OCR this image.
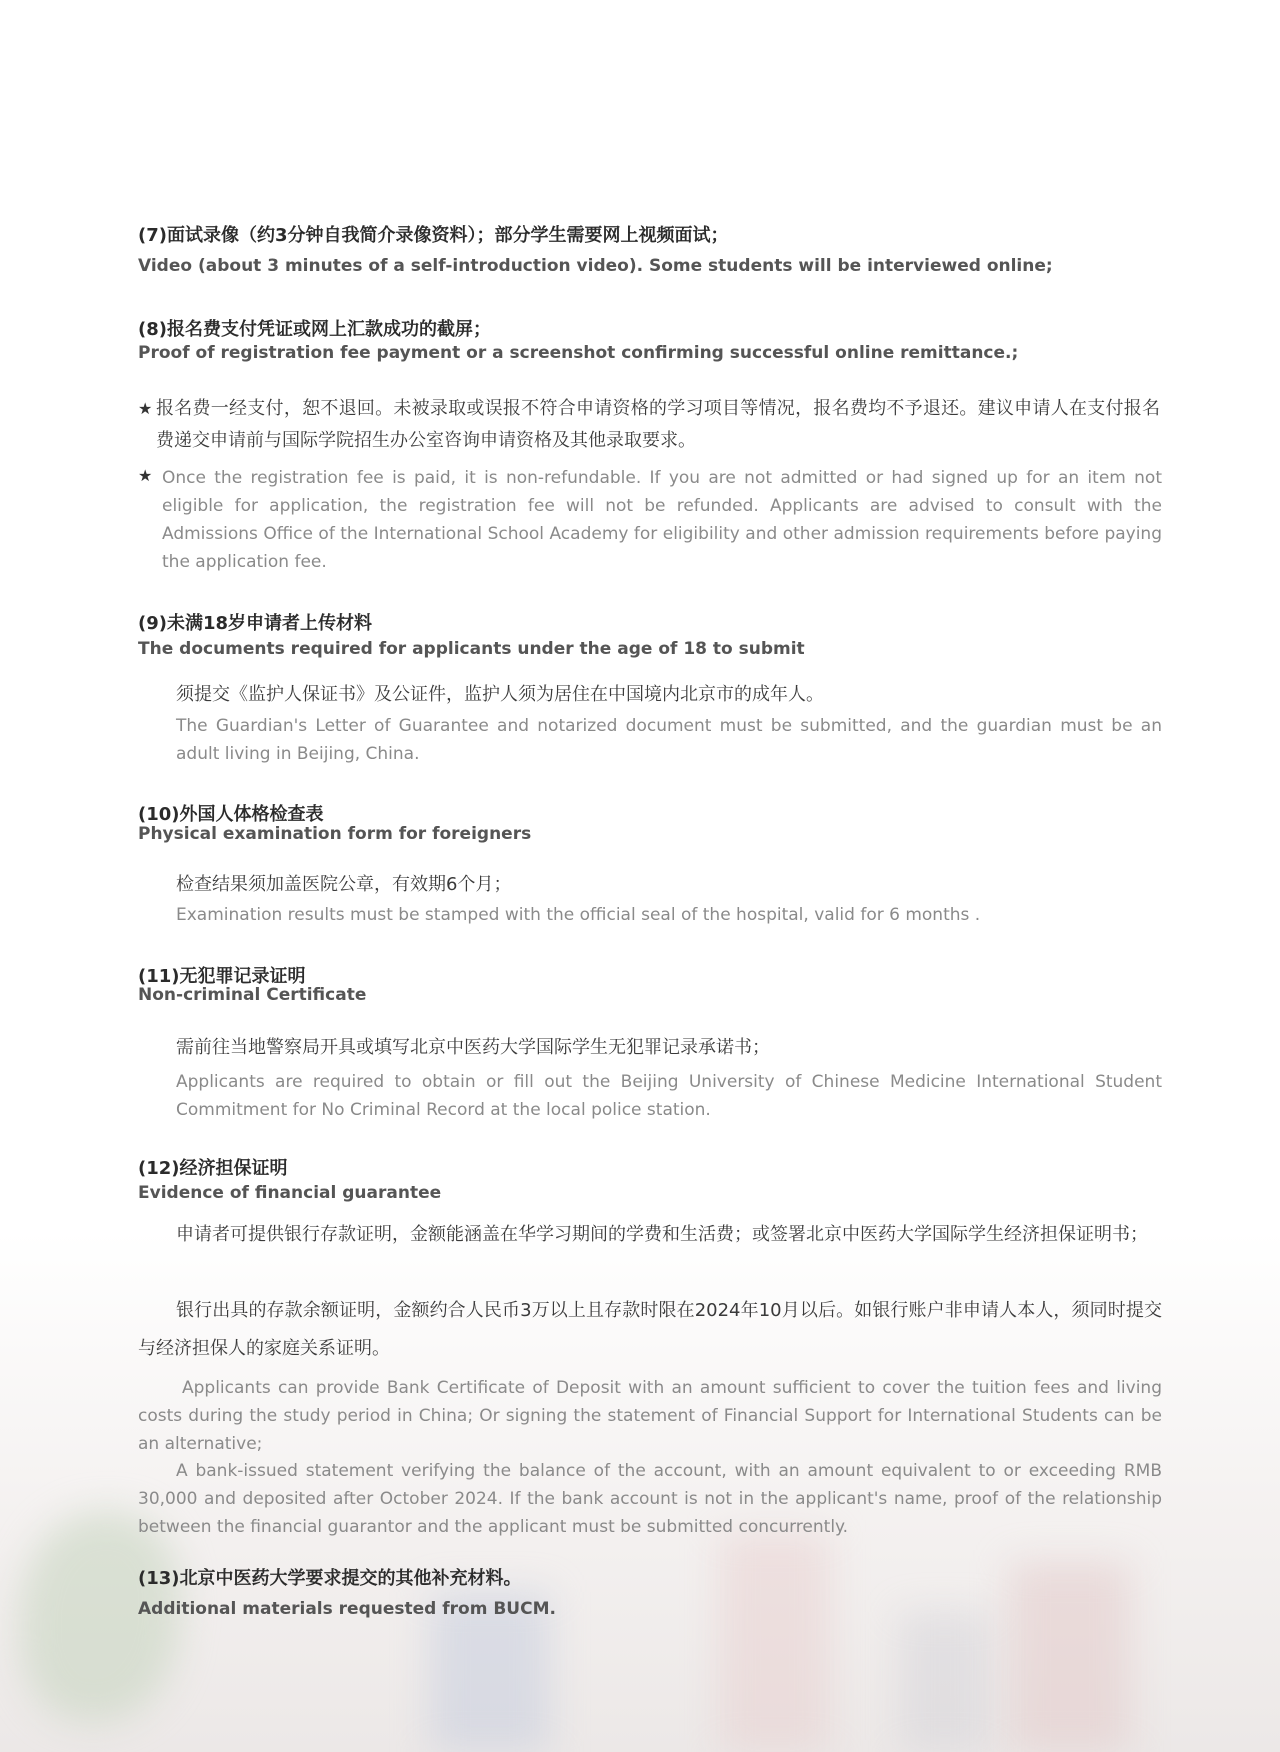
(7)面试录像（约3分钟自我简介录像资料）；部分学生需要网上视频面试；

Video (about 3 minutes of a self-introduction video). Some students will be interviewed online;

(8)报名费支付凭证或网上汇款成功的截屏；

Proof of registration fee payment or a screenshot confirming successful online remittance.;

★ 报名费一经支付，恕不退回。未被录取或误报不符合申请资格的学习项目等情况，报名费均不予退还。建议申请人在支付报名费递交申请前与国际学院招生办公室咨询申请资格及其他录取要求。

★ Once the registration fee is paid, it is non-refundable. If you are not admitted or had signed up for an item not eligible for application, the registration fee will not be refunded. Applicants are advised to consult with the Admissions Office of the International School Academy for eligibility and other admission requirements before paying the application fee.

(9)未满18岁申请者上传材料

The documents required for applicants under the age of 18 to submit

须提交《监护人保证书》及公证件，监护人须为居住在中国境内北京市的成年人。

The Guardian's Letter of Guarantee and notarized document must be submitted, and the guardian must be an adult living in Beijing, China.

(10)外国人体格检查表

Physical examination form for foreigners

检查结果须加盖医院公章，有效期6个月；

Examination results must be stamped with the official seal of the hospital, valid for 6 months .

(11)无犯罪记录证明

Non-criminal Certificate

需前往当地警察局开具或填写北京中医药大学国际学生无犯罪记录承诺书；

Applicants are required to obtain or fill out the Beijing University of Chinese Medicine International Student Commitment for No Criminal Record at the local police station.

(12)经济担保证明

Evidence of financial guarantee

申请者可提供银行存款证明，金额能涵盖在华学习期间的学费和生活费；或签署北京中医药大学国际学生经济担保证明书；

银行出具的存款余额证明，金额约合人民币3万以上且存款时限在2024年10月以后。如银行账户非申请人本人，须同时提交与经济担保人的家庭关系证明。

Applicants can provide Bank Certificate of Deposit with an amount sufficient to cover the tuition fees and living costs during the study period in China; Or signing the statement of Financial Support for International Students can be an alternative;

A bank-issued statement verifying the balance of the account, with an amount equivalent to or exceeding RMB 30,000 and deposited after October 2024. If the bank account is not in the applicant's name, proof of the relationship between the financial guarantor and the applicant must be submitted concurrently.

(13)北京中医药大学要求提交的其他补充材料。

Additional materials requested from BUCM.
